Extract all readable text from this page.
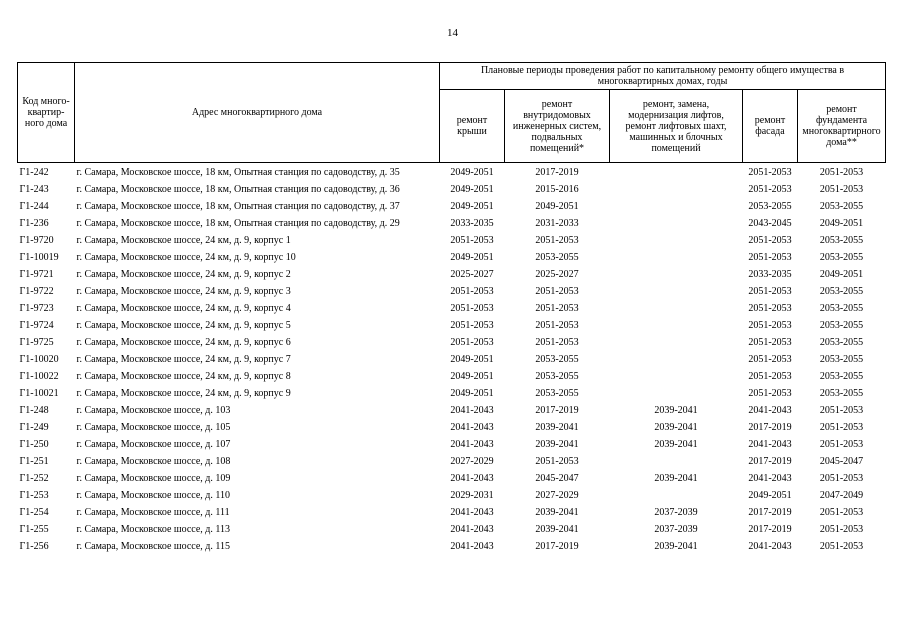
14
Код много-квартир-ного дома	Адрес многоквартирного дома	Плановые периоды проведения работ по капитальному ремонту общего имущества в многоквартирных домах, годы				
		ремонт крыши	ремонт внутридомовых инженерных систем, подвальных помещений*	ремонт, замена, модернизация лифтов, ремонт лифтовых шахт, машинных и блочных помещений	ремонт фасада	ремонт фундамента многоквартирного дома**
Г1-242	г. Самара, Московское шоссе, 18 км, Опытная станция по садоводству, д. 35	2049-2051	2017-2019		2051-2053	2051-2053
Г1-243	г. Самара, Московское шоссе, 18 км, Опытная станция по садоводству, д. 36	2049-2051	2015-2016		2051-2053	2051-2053
Г1-244	г. Самара, Московское шоссе, 18 км, Опытная станция по садоводству, д. 37	2049-2051	2049-2051		2053-2055	2053-2055
Г1-236	г. Самара, Московское шоссе, 18 км, Опытная станция по садоводству, д. 29	2033-2035	2031-2033		2043-2045	2049-2051
Г1-9720	г. Самара, Московское шоссе, 24 км, д. 9, корпус 1	2051-2053	2051-2053		2051-2053	2053-2055
Г1-10019	г. Самара, Московское шоссе, 24 км, д. 9, корпус 10	2049-2051	2053-2055		2051-2053	2053-2055
Г1-9721	г. Самара, Московское шоссе, 24 км, д. 9, корпус 2	2025-2027	2025-2027		2033-2035	2049-2051
Г1-9722	г. Самара, Московское шоссе, 24 км, д. 9, корпус 3	2051-2053	2051-2053		2051-2053	2053-2055
Г1-9723	г. Самара, Московское шоссе, 24 км, д. 9, корпус 4	2051-2053	2051-2053		2051-2053	2053-2055
Г1-9724	г. Самара, Московское шоссе, 24 км, д. 9, корпус 5	2051-2053	2051-2053		2051-2053	2053-2055
Г1-9725	г. Самара, Московское шоссе, 24 км, д. 9, корпус 6	2051-2053	2051-2053		2051-2053	2053-2055
Г1-10020	г. Самара, Московское шоссе, 24 км, д. 9, корпус 7	2049-2051	2053-2055		2051-2053	2053-2055
Г1-10022	г. Самара, Московское шоссе, 24 км, д. 9, корпус 8	2049-2051	2053-2055		2051-2053	2053-2055
Г1-10021	г. Самара, Московское шоссе, 24 км, д. 9, корпус 9	2049-2051	2053-2055		2051-2053	2053-2055
Г1-248	г. Самара, Московское шоссе, д. 103	2041-2043	2017-2019	2039-2041	2041-2043	2051-2053
Г1-249	г. Самара, Московское шоссе, д. 105	2041-2043	2039-2041	2039-2041	2017-2019	2051-2053
Г1-250	г. Самара, Московское шоссе, д. 107	2041-2043	2039-2041	2039-2041	2041-2043	2051-2053
Г1-251	г. Самара, Московское шоссе, д. 108	2027-2029	2051-2053		2017-2019	2045-2047
Г1-252	г. Самара, Московское шоссе, д. 109	2041-2043	2045-2047	2039-2041	2041-2043	2051-2053
Г1-253	г. Самара, Московское шоссе, д. 110	2029-2031	2027-2029		2049-2051	2047-2049
Г1-254	г. Самара, Московское шоссе, д. 111	2041-2043	2039-2041	2037-2039	2017-2019	2051-2053
Г1-255	г. Самара, Московское шоссе, д. 113	2041-2043	2039-2041	2037-2039	2017-2019	2051-2053
Г1-256	г. Самара, Московское шоссе, д. 115	2041-2043	2017-2019	2039-2041	2041-2043	2051-2053
